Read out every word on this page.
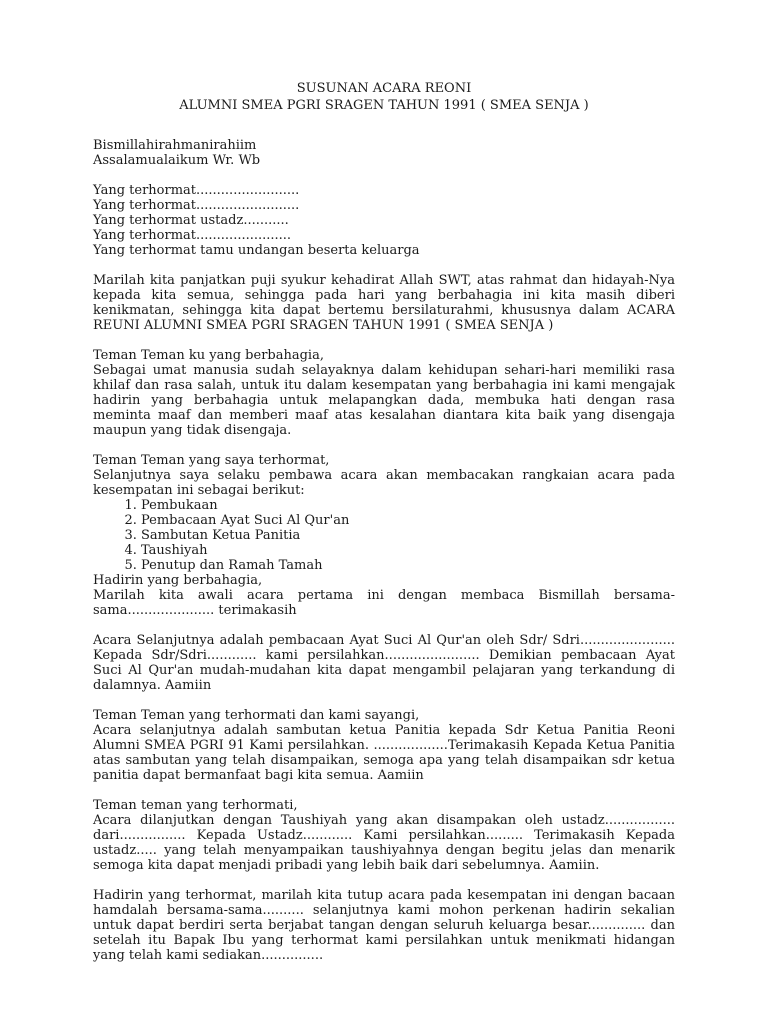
SUSUNAN ACARA REONI
ALUMNI SMEA PGRI SRAGEN TAHUN 1991 ( SMEA SENJA )
Bismillahirahmanirahiim
Assalamualaikum Wr. Wb
Yang terhormat.........................
Yang terhormat.........................
Yang terhormat ustadz...........
Yang terhormat.......................
Yang terhormat tamu undangan beserta keluarga
Marilah kita panjatkan puji syukur kehadirat Allah SWT, atas rahmat dan hidayah-Nya kepada kita semua, sehingga pada hari yang berbahagia ini kita masih diberi kenikmatan, sehingga kita dapat bertemu bersilaturahmi, khususnya dalam ACARA REUNI ALUMNI SMEA PGRI SRAGEN TAHUN 1991 ( SMEA SENJA )
Teman Teman ku yang berbahagia,
Sebagai umat manusia sudah selayaknya dalam kehidupan sehari-hari memiliki rasa khilaf dan rasa salah, untuk itu dalam kesempatan yang berbahagia ini kami mengajak hadirin yang berbahagia untuk melapangkan dada, membuka hati dengan rasa meminta maaf dan memberi maaf atas kesalahan diantara kita baik yang disengaja maupun yang tidak disengaja.
Teman Teman yang saya terhormat,
Selanjutnya saya selaku pembawa acara akan membacakan rangkaian acara pada kesempatan ini sebagai berikut:
1. Pembukaan
2. Pembacaan Ayat Suci Al Qur'an
3. Sambutan Ketua Panitia
4. Taushiyah
5. Penutup dan Ramah Tamah
Hadirin yang berbahagia,
Marilah kita awali acara pertama ini dengan membaca Bismillah bersama-sama..................... terimakasih
Acara Selanjutnya adalah pembacaan Ayat Suci Al Qur'an oleh Sdr/ Sdri....................... Kepada Sdr/Sdri............ kami persilahkan....................... Demikian pembacaan Ayat Suci Al Qur'an mudah-mudahan kita dapat mengambil pelajaran yang terkandung di dalamnya. Aamiin
Teman Teman yang terhormati dan kami sayangi,
Acara selanjutnya adalah sambutan ketua Panitia kepada Sdr Ketua Panitia Reoni Alumni SMEA PGRI 91 Kami persilahkan. ..................Terimakasih Kepada Ketua Panitia atas sambutan yang telah disampaikan, semoga apa yang telah disampaikan sdr ketua panitia dapat bermanfaat bagi kita semua. Aamiin
Teman teman yang terhormati,
Acara dilanjutkan dengan Taushiyah yang akan disampakan oleh ustadz................. dari................ Kepada Ustadz............ Kami persilahkan......... Terimakasih Kepada ustadz..... yang telah menyampaikan taushiyahnya dengan begitu jelas dan menarik semoga kita dapat menjadi pribadi yang lebih baik dari sebelumnya. Aamiin.
Hadirin yang terhormat, marilah kita tutup acara pada kesempatan ini dengan bacaan hamdalah bersama-sama.......... selanjutnya kami mohon perkenan hadirin sekalian untuk dapat berdiri serta berjabat tangan dengan seluruh keluarga besar.............. dan setelah itu Bapak Ibu yang terhormat kami persilahkan untuk menikmati hidangan yang telah kami sediakan...............
